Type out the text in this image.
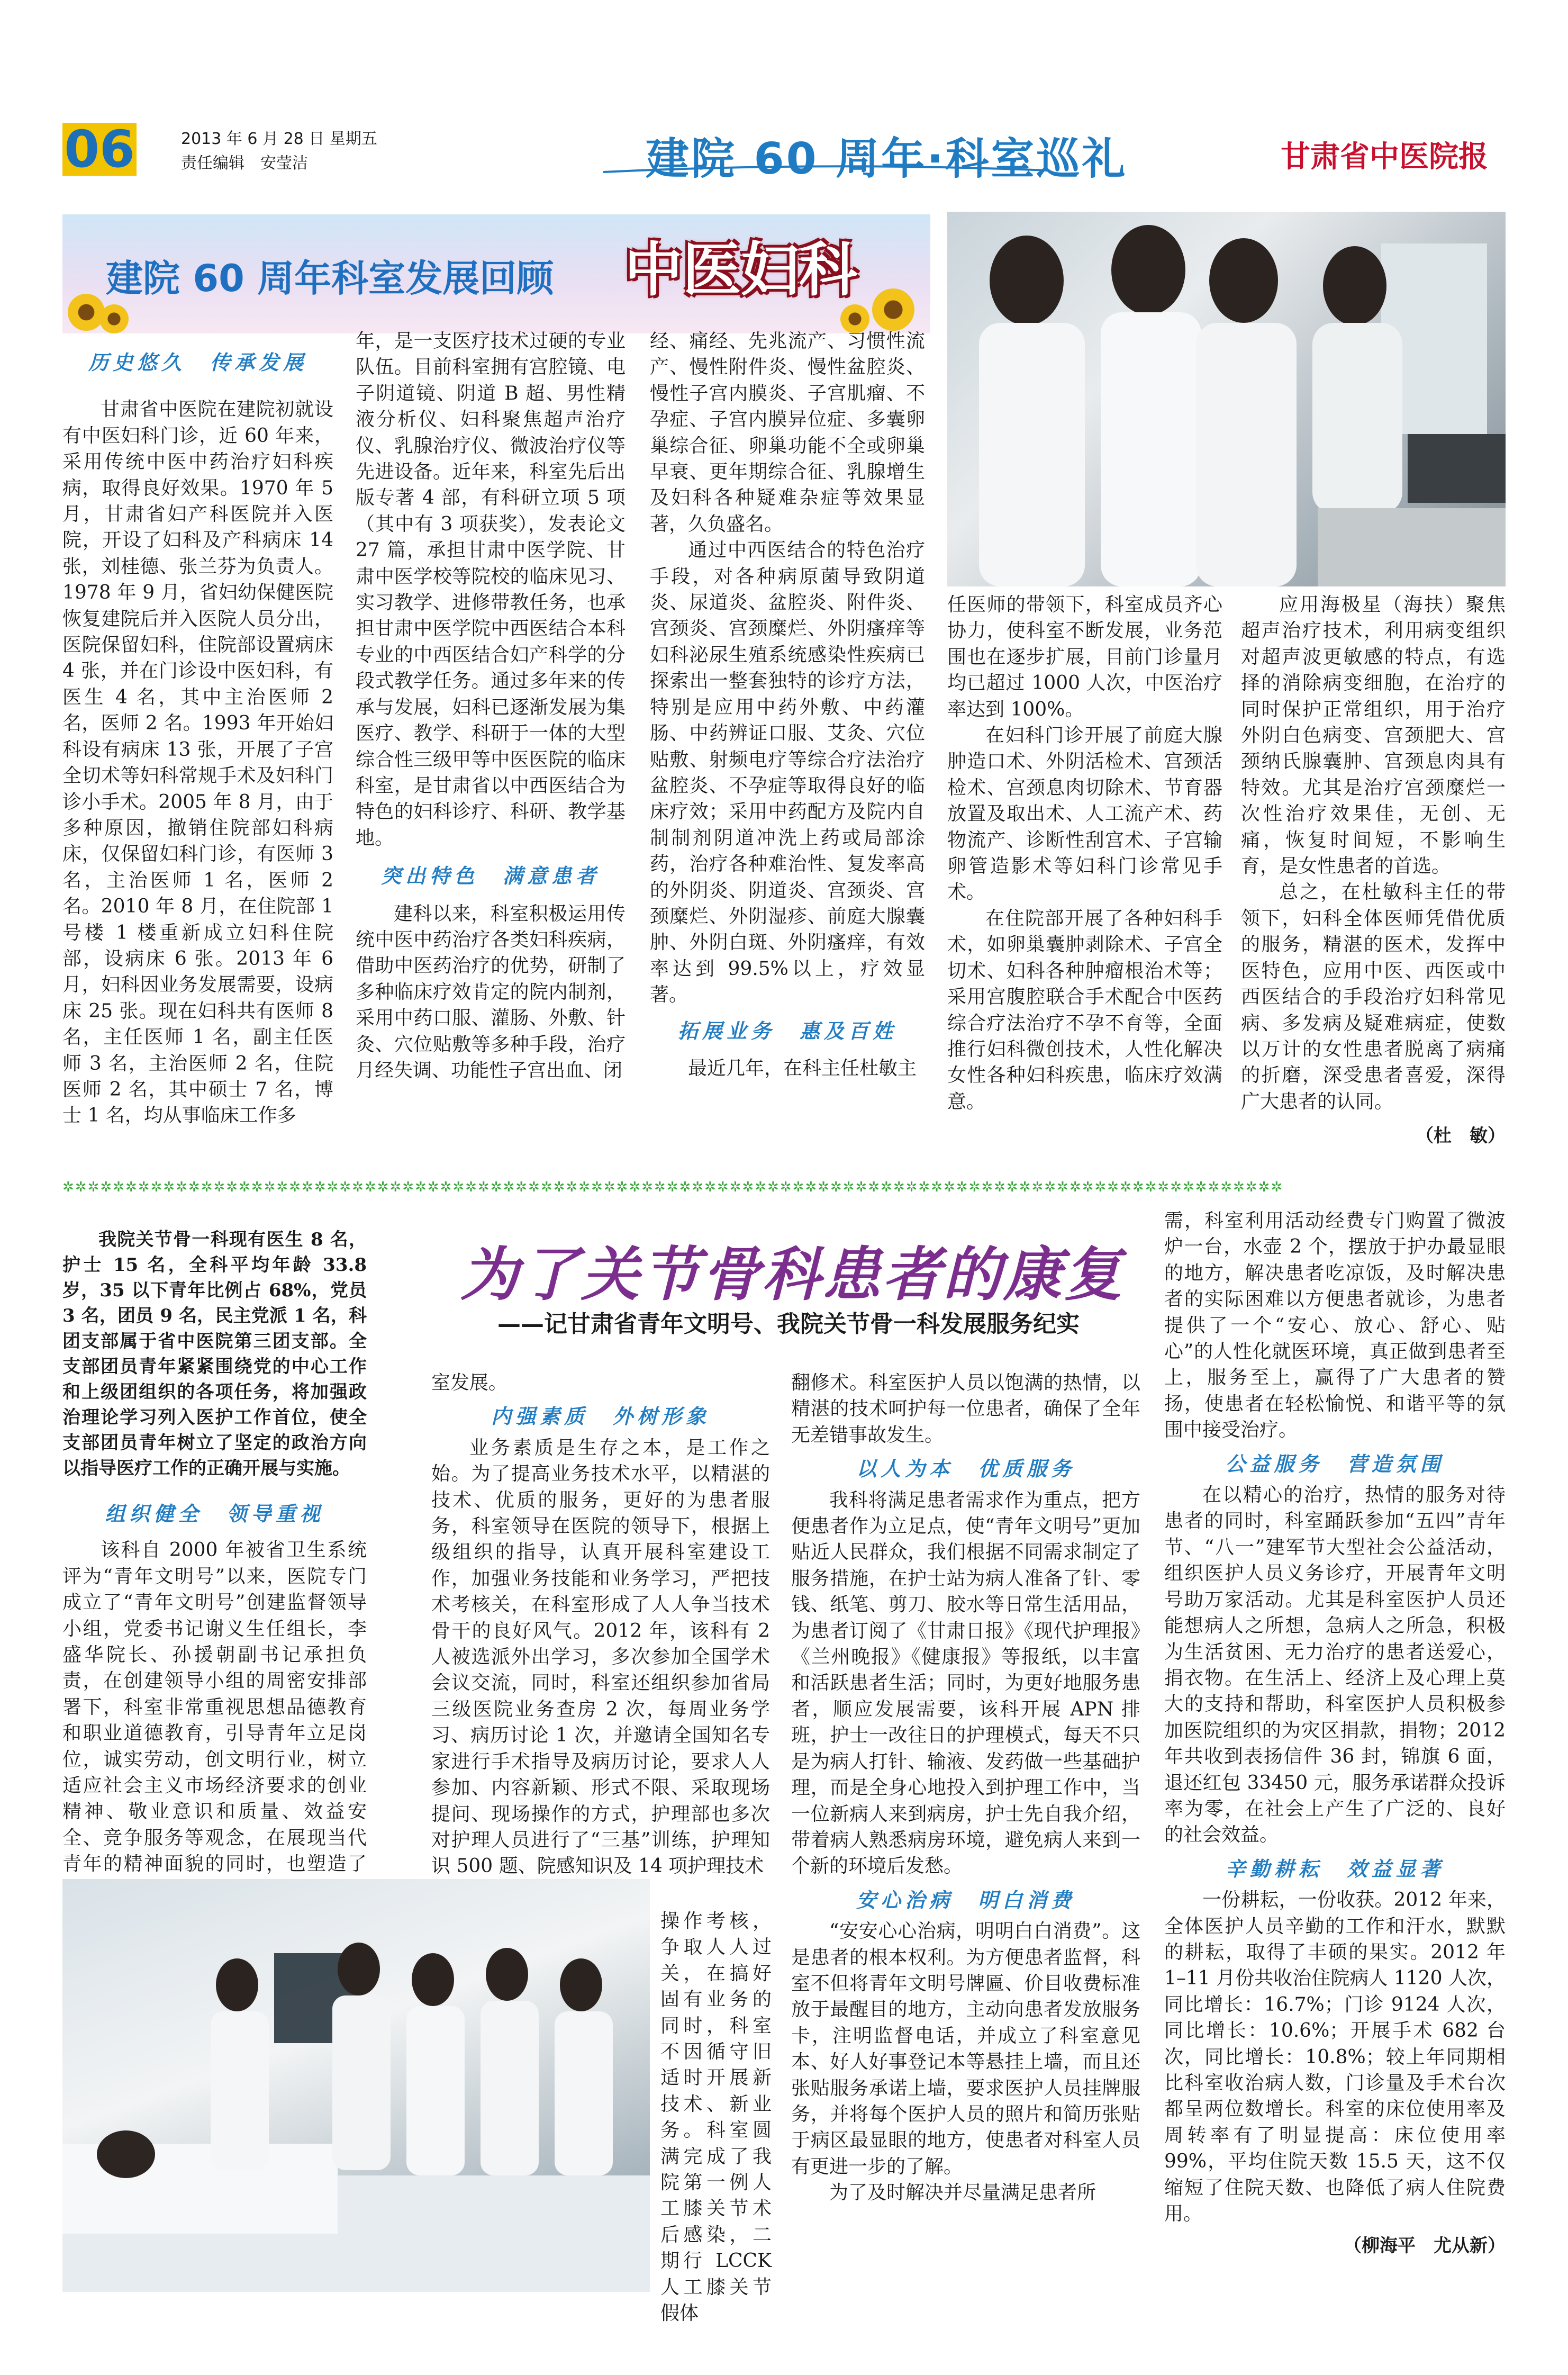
06	2013 年 6 月 28 日 星期五
责任编辑　安莹洁	建院 60 周年·科室巡礼	甘肃省中医院报
建院 60 周年科室发展回顾	中医妇科
历史悠久　传承发展

甘肃省中医院在建院初就设有中医妇科门诊，近 60 年来，采用传统中医中药治疗妇科疾病，取得良好效果。1970 年 5 月，甘肃省妇产科医院并入医院，开设了妇科及产科病床 14 张，刘桂德、张兰芬为负责人。1978 年 9 月，省妇幼保健医院恢复建院后并入医院人员分出，医院保留妇科，住院部设置病床 4 张，并在门诊设中医妇科，有医生 4 名，其中主治医师 2 名，医师 2 名。1993 年开始妇科设有病床 13 张，开展了子宫全切术等妇科常规手术及妇科门诊小手术。2005 年 8 月，由于多种原因，撤销住院部妇科病床，仅保留妇科门诊，有医师 3 名，主治医师 1 名，医师 2 名。2010 年 8 月，在住院部 1 号楼 1 楼重新成立妇科住院部，设病床 6 张。2013 年 6 月，妇科因业务发展需要，设病床 25 张。现在妇科共有医师 8 名，主任医师 1 名，副主任医师 3 名，主治医师 2 名，住院医师 2 名，其中硕士 7 名，博士 1 名，均从事临床工作多

年，是一支医疗技术过硬的专业队伍。目前科室拥有宫腔镜、电子阴道镜、阴道 B 超、男性精液分析仪、妇科聚焦超声治疗仪、乳腺治疗仪、微波治疗仪等先进设备。近年来，科室先后出版专著 4 部，有科研立项 5 项（其中有 3 项获奖），发表论文 27 篇，承担甘肃中医学院、甘肃中医学校等院校的临床见习、实习教学、进修带教任务，也承担甘肃中医学院中西医结合本科专业的中西医结合妇产科学的分段式教学任务。通过多年来的传承与发展，妇科已逐渐发展为集医疗、教学、科研于一体的大型综合性三级甲等中医医院的临床科室，是甘肃省以中西医结合为特色的妇科诊疗、科研、教学基地。

突出特色　满意患者

建科以来，科室积极运用传统中医中药治疗各类妇科疾病，借助中医药治疗的优势，研制了多种临床疗效肯定的院内制剂，采用中药口服、灌肠、外敷、针灸、穴位贴敷等多种手段，治疗月经失调、功能性子宫出血、闭

经、痛经、先兆流产、习惯性流产、慢性附件炎、慢性盆腔炎、慢性子宫内膜炎、子宫肌瘤、不孕症、子宫内膜异位症、多囊卵巢综合征、卵巢功能不全或卵巢早衰、更年期综合征、乳腺增生及妇科各种疑难杂症等效果显著，久负盛名。

通过中西医结合的特色治疗手段，对各种病原菌导致阴道炎、尿道炎、盆腔炎、附件炎、宫颈炎、宫颈糜烂、外阴瘙痒等妇科泌尿生殖系统感染性疾病已探索出一整套独特的诊疗方法，特别是应用中药外敷、中药灌肠、中药辨证口服、艾灸、穴位贴敷、射频电疗等综合疗法治疗盆腔炎、不孕症等取得良好的临床疗效；采用中药配方及院内自制制剂阴道冲洗上药或局部涂药，治疗各种难治性、复发率高的外阴炎、阴道炎、宫颈炎、宫颈糜烂、外阴湿疹、前庭大腺囊肿、外阴白斑、外阴瘙痒，有效率达到 99.5%以上，疗效显著。

拓展业务　惠及百姓

最近几年，在科主任杜敏主

任医师的带领下，科室成员齐心协力，使科室不断发展，业务范围也在逐步扩展，目前门诊量月均已超过 1000 人次，中医治疗率达到 100%。

在妇科门诊开展了前庭大腺肿造口术、外阴活检术、宫颈活检术、宫颈息肉切除术、节育器放置及取出术、人工流产术、药物流产、诊断性刮宫术、子宫输卵管造影术等妇科门诊常见手术。

在住院部开展了各种妇科手术，如卵巢囊肿剥除术、子宫全切术、妇科各种肿瘤根治术等；采用宫腹腔联合手术配合中医药综合疗法治疗不孕不育等，全面推行妇科微创技术，人性化解决女性各种妇科疾患，临床疗效满意。

应用海极星（海扶）聚焦超声治疗技术，利用病变组织对超声波更敏感的特点，有选择的消除病变细胞，在治疗的同时保护正常组织，用于治疗外阴白色病变、宫颈肥大、宫颈纳氏腺囊肿、宫颈息肉具有特效。尤其是治疗宫颈糜烂一次性治疗效果佳，无创、无痛，恢复时间短，不影响生育，是女性患者的首选。

总之，在杜敏科主任的带领下，妇科全体医师凭借优质的服务，精湛的医术，发挥中医特色，应用中医、西医或中西医结合的手段治疗妇科常见病、多发病及疑难病症，使数以万计的女性患者脱离了病痛的折磨，深受患者喜爱，深得广大患者的认同。

（杜　敏）
✲✲✲✲✲✲✲✲✲✲✲✲✲✲✲✲✲✲✲✲✲✲✲✲✲✲✲✲✲✲✲✲✲✲✲✲✲✲✲✲✲✲✲✲✲✲✲✲✲✲✲✲✲✲✲✲✲✲✲✲✲✲✲✲✲✲✲✲✲✲✲✲✲✲✲✲✲✲✲✲✲✲✲✲✲✲✲✲✲✲✲✲✲✲✲✲✲
为了关节骨科患者的康复
——记甘肃省青年文明号、我院关节骨一科发展服务纪实

我院关节骨一科现有医生 8 名，护士 15 名，全科平均年龄 33.8 岁，35 以下青年比例占 68%，党员 3 名，团员 9 名，民主党派 1 名，科团支部属于省中医院第三团支部。全支部团员青年紧紧围绕党的中心工作和上级团组织的各项任务，将加强政治理论学习列入医护工作首位，使全支部团员青年树立了坚定的政治方向以指导医疗工作的正确开展与实施。

组织健全　领导重视

该科自 2000 年被省卫生系统评为“青年文明号”以来，医院专门成立了“青年文明号”创建监督领导小组，党委书记谢义生任组长，李盛华院长、孙援朝副书记承担负责，在创建领导小组的周密安排部署下，科室非常重视思想品德教育和职业道德教育，引导青年立足岗位，诚实劳动，创文明行业，树立适应社会主义市场经济要求的创业精神、敬业意识和质量、效益安全、竞争服务等观念，在展现当代青年的精神面貌的同时，也塑造了

室发展。

内强素质　外树形象

业务素质是生存之本，是工作之始。为了提高业务技术水平，以精湛的技术、优质的服务，更好的为患者服务，科室领导在医院的领导下，根据上级组织的指导，认真开展科室建设工作，加强业务技能和业务学习，严把技术考核关，在科室形成了人人争当技术骨干的良好风气。2012 年，该科有 2 人被选派外出学习，多次参加全国学术会议交流，同时，科室还组织参加省局三级医院业务查房 2 次，每周业务学习、病历讨论 1 次，并邀请全国知名专家进行手术指导及病历讨论，要求人人参加、内容新颖、形式不限、采取现场提问、现场操作的方式，护理部也多次对护理人员进行了“三基”训练，护理知识 500 题、院感知识及 14 项护理技术

操作考核，争取人人过关，在搞好固有业务的同时，科室不因循守旧适时开展新技术、新业务。科室圆满完成了我院第一例人工膝关节术后感染，二期行 LCCK 人工膝关节假体

翻修术。科室医护人员以饱满的热情，以精湛的技术呵护每一位患者，确保了全年无差错事故发生。

以人为本　优质服务

我科将满足患者需求作为重点，把方便患者作为立足点，使“青年文明号”更加贴近人民群众，我们根据不同需求制定了服务措施，在护士站为病人准备了针、零钱、纸笔、剪刀、胶水等日常生活用品，为患者订阅了《甘肃日报》《现代护理报》《兰州晚报》《健康报》等报纸，以丰富和活跃患者生活；同时，为更好地服务患者，顺应发展需要，该科开展 APN 排班，护士一改往日的护理模式，每天不只是为病人打针、输液、发药做一些基础护理，而是全身心地投入到护理工作中，当一位新病人来到病房，护士先自我介绍，带着病人熟悉病房环境，避免病人来到一个新的环境后发愁。

安心治病　明白消费

“安安心心治病，明明白白消费”。这是患者的根本权利。为方便患者监督，科室不但将青年文明号牌匾、价目收费标准放于最醒目的地方，主动向患者发放服务卡，注明监督电话，并成立了科室意见本、好人好事登记本等悬挂上墙，而且还张贴服务承诺上墙，要求医护人员挂牌服务，并将每个医护人员的照片和简历张贴于病区最显眼的地方，使患者对科室人员有更进一步的了解。

为了及时解决并尽量满足患者所

需，科室利用活动经费专门购置了微波炉一台，水壶 2 个，摆放于护办最显眼的地方，解决患者吃凉饭，及时解决患者的实际困难以方便患者就诊，为患者提供了一个“安心、放心、舒心、贴心”的人性化就医环境，真正做到患者至上，服务至上，赢得了广大患者的赞扬，使患者在轻松愉悦、和谐平等的氛围中接受治疗。

公益服务　营造氛围

在以精心的治疗，热情的服务对待患者的同时，科室踊跃参加“五四”青年节、“八一”建军节大型社会公益活动，组织医护人员义务诊疗，开展青年文明号助万家活动。尤其是科室医护人员还能想病人之所想，急病人之所急，积极为生活贫困、无力治疗的患者送爱心，捐衣物。在生活上、经济上及心理上莫大的支持和帮助，科室医护人员积极参加医院组织的为灾区捐款，捐物；2012 年共收到表扬信件 36 封，锦旗 6 面，退还红包 33450 元，服务承诺群众投诉率为零，在社会上产生了广泛的、良好的社会效益。

辛勤耕耘　效益显著

一份耕耘，一份收获。2012 年来，全体医护人员辛勤的工作和汗水，默默的耕耘，取得了丰硕的果实。2012 年 1–11 月份共收治住院病人 1120 人次，同比增长：16.7%；门诊 9124 人次，同比增长：10.6%；开展手术 682 台次，同比增长：10.8%；较上年同期相比科室收治病人数，门诊量及手术台次都呈两位数增长。科室的床位使用率及周转率有了明显提高：床位使用率 99%，平均住院天数 15.5 天，这不仅缩短了住院天数、也降低了病人住院费用。

（柳海平　尤从新）
